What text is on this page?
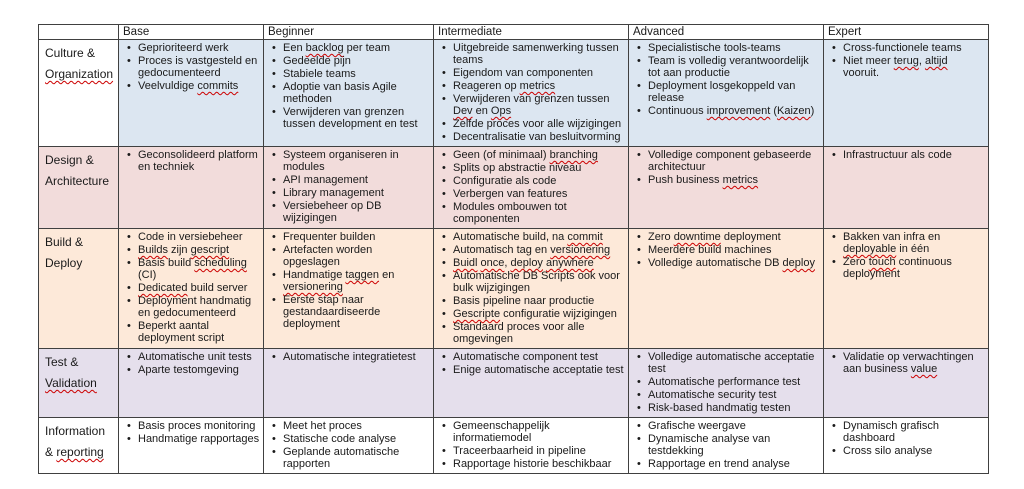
	Base	Beginner	Intermediate	Advanced	Expert
Culture & Organization	
• Geprioriteerd werk
• Proces is vastgesteld en gedocumenteerd
• Veelvuldige commits

• Een backlog per team
• Gedeelde pijn
• Stabiele teams
• Adoptie van basis Agile methoden
• Verwijderen van grenzen tussen development en test

• Uitgebreide samenwerking tussen teams
• Eigendom van componenten
• Reageren op metrics
• Verwijderen van grenzen tussen Dev en Ops
• Zelfde proces voor alle wijzigingen
• Decentralisatie van besluitvorming

• Specialistische tools-teams
• Team is volledig verantwoordelijk tot aan productie
• Deployment losgekoppeld van release
• Continuous improvement (Kaizen)

• Cross-functionele teams
• Niet meer terug, altijd vooruit.

Design & Architecture	
• Geconsolideerd platform en techniek

• Systeem organiseren in modules
• API management
• Library management
• Versiebeheer op DB wijzigingen

• Geen (of minimaal) branching
• Splits op abstractie niveau
• Configuratie als code
• Verbergen van features
• Modules ombouwen tot componenten

• Volledige component gebaseerde architectuur
• Push business metrics

• Infrastructuur als code

Build & Deploy	
• Code in versiebeheer
• Builds zijn gescript
• Basis build scheduling (CI)
• Dedicated build server
• Deployment handmatig en gedocumenteerd
• Beperkt aantal deployment script

• Frequenter builden
• Artefacten worden opgeslagen
• Handmatige taggen en versionering
• Eerste stap naar gestandaardiseerde deployment

• Automatische build, na commit
• Automatisch tag en versionering
• Buidl once, deploy anywhere
• Automatische DB Scripts ook voor bulk wijzigingen
• Basis pipeline naar productie
• Gescripte configuratie wijzigingen
• Standaard proces voor alle omgevingen

• Zero downtime deployment
• Meerdere build machines
• Volledige automatische DB deploy

• Bakken van infra en deployable in één
• Zero touch continuous deployment

Test & Validation	
• Automatische unit tests
• Aparte testomgeving

• Automatische integratietest

•Automatische component test
• Enige automatische acceptatie test

• Volledige automatische acceptatie test
• Automatische performance test
• Automatische security test
• Risk-based handmatig testen

• Validatie op verwachtingen aan business value

Information & reporting	
• Basis proces monitoring
• Handmatige rapportages

• Meet het proces
• Statische code analyse
• Geplande automatische rapporten

• Gemeenschappelijk informatiemodel
• Traceerbaarheid in pipeline
• Rapportage historie beschikbaar

• Grafische weergave
• Dynamische analyse van testdekking
• Rapportage en trend analyse

• Dynamisch grafisch dashboard
• Cross silo analyse
